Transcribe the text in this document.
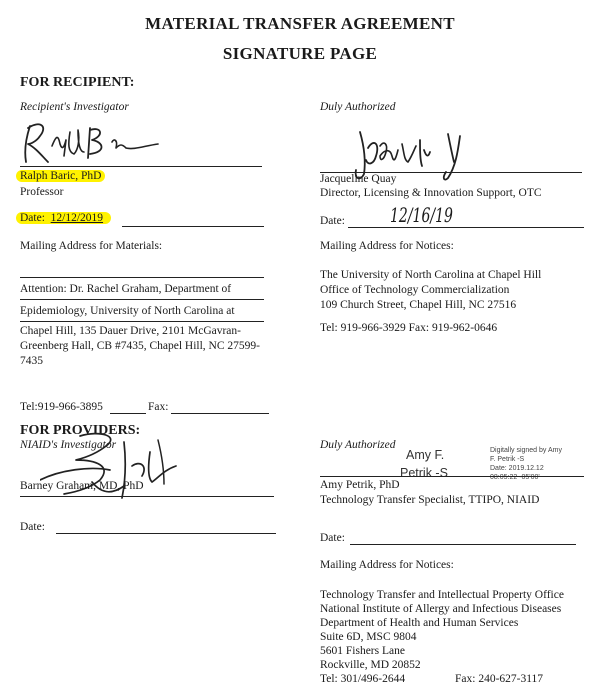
MATERIAL TRANSFER AGREEMENT
SIGNATURE PAGE
FOR RECIPIENT:
Recipient's Investigator
Ralph Baric, PhD
Professor
Date: 12/12/2019
Mailing Address for Materials:
Attention: Dr. Rachel Graham, Department of
Epidemiology, University of North Carolina at
Chapel Hill, 135 Dauer Drive, 2101 McGavran-
Greenberg Hall, CB #7435, Chapel Hill, NC 27599-
7435
Tel:919-966-3895	Fax:
Duly Authorized
Jacqueline Quay
Director, Licensing & Innovation Support, OTC
Date: 12/16/19
Mailing Address for Notices:
The University of North Carolina at Chapel Hill
Office of Technology Commercialization
109 Church Street, Chapel Hill, NC 27516
Tel: 919-966-3929 Fax: 919-962-0646
FOR PROVIDERS:
NIAID's Investigator
Barney Graham, MD, PhD
Date:
Duly Authorized
Amy F.
Petrik -S
Digitally signed by Amy
F. Petrik -S
Date: 2019.12.12
08:05:22 -05'00'
Amy Petrik, PhD
Technology Transfer Specialist, TTIPO, NIAID
Date:
Mailing Address for Notices:
Technology Transfer and Intellectual Property Office
National Institute of Allergy and Infectious Diseases
Department of Health and Human Services
Suite 6D, MSC 9804
5601 Fishers Lane
Rockville, MD 20852
Tel: 301/496-2644	Fax: 240-627-3117
